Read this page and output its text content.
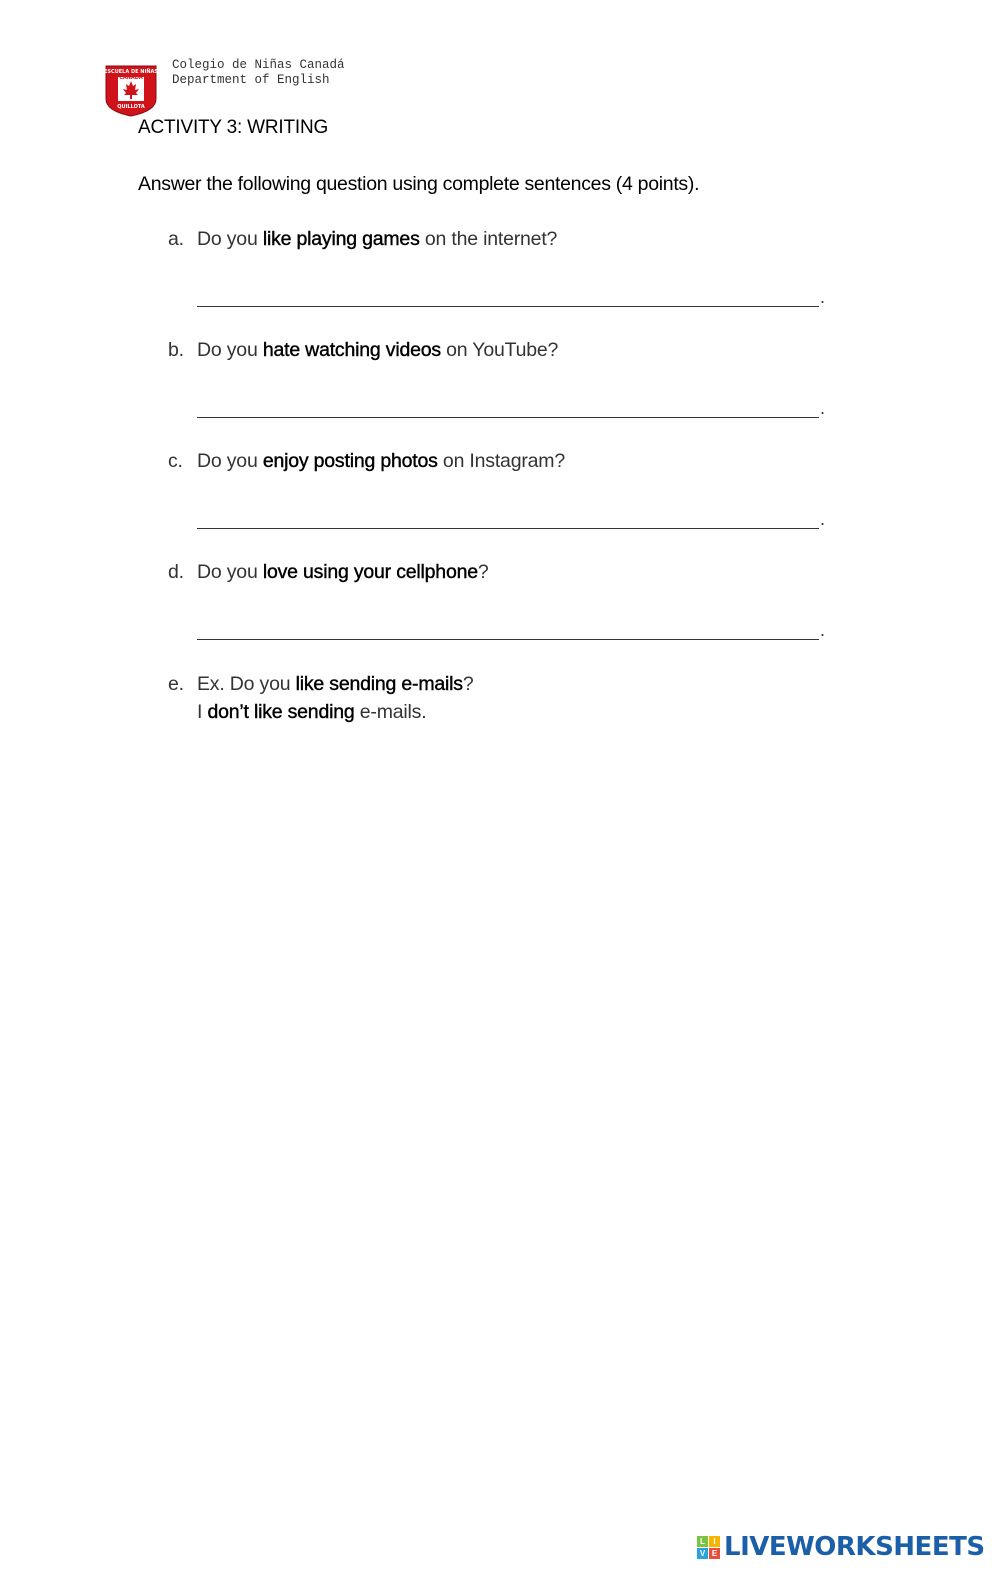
ESCUELA DE NIÑAS
CANADÁ
QUILLOTA
Colegio de Niñas Canadá
Department of English
ACTIVITY 3: WRITING
Answer the following question using complete sentences (4 points).
a. Do you like playing games on the internet?
.
b. Do you hate watching videos on YouTube?
.
c. Do you enjoy posting photos on Instagram?
.
d. Do you love using your cellphone?
.
e. Ex. Do you like sending e-mails?
I don’t like sending e-mails.
L	I
V E LIVEWORKSHEETS
